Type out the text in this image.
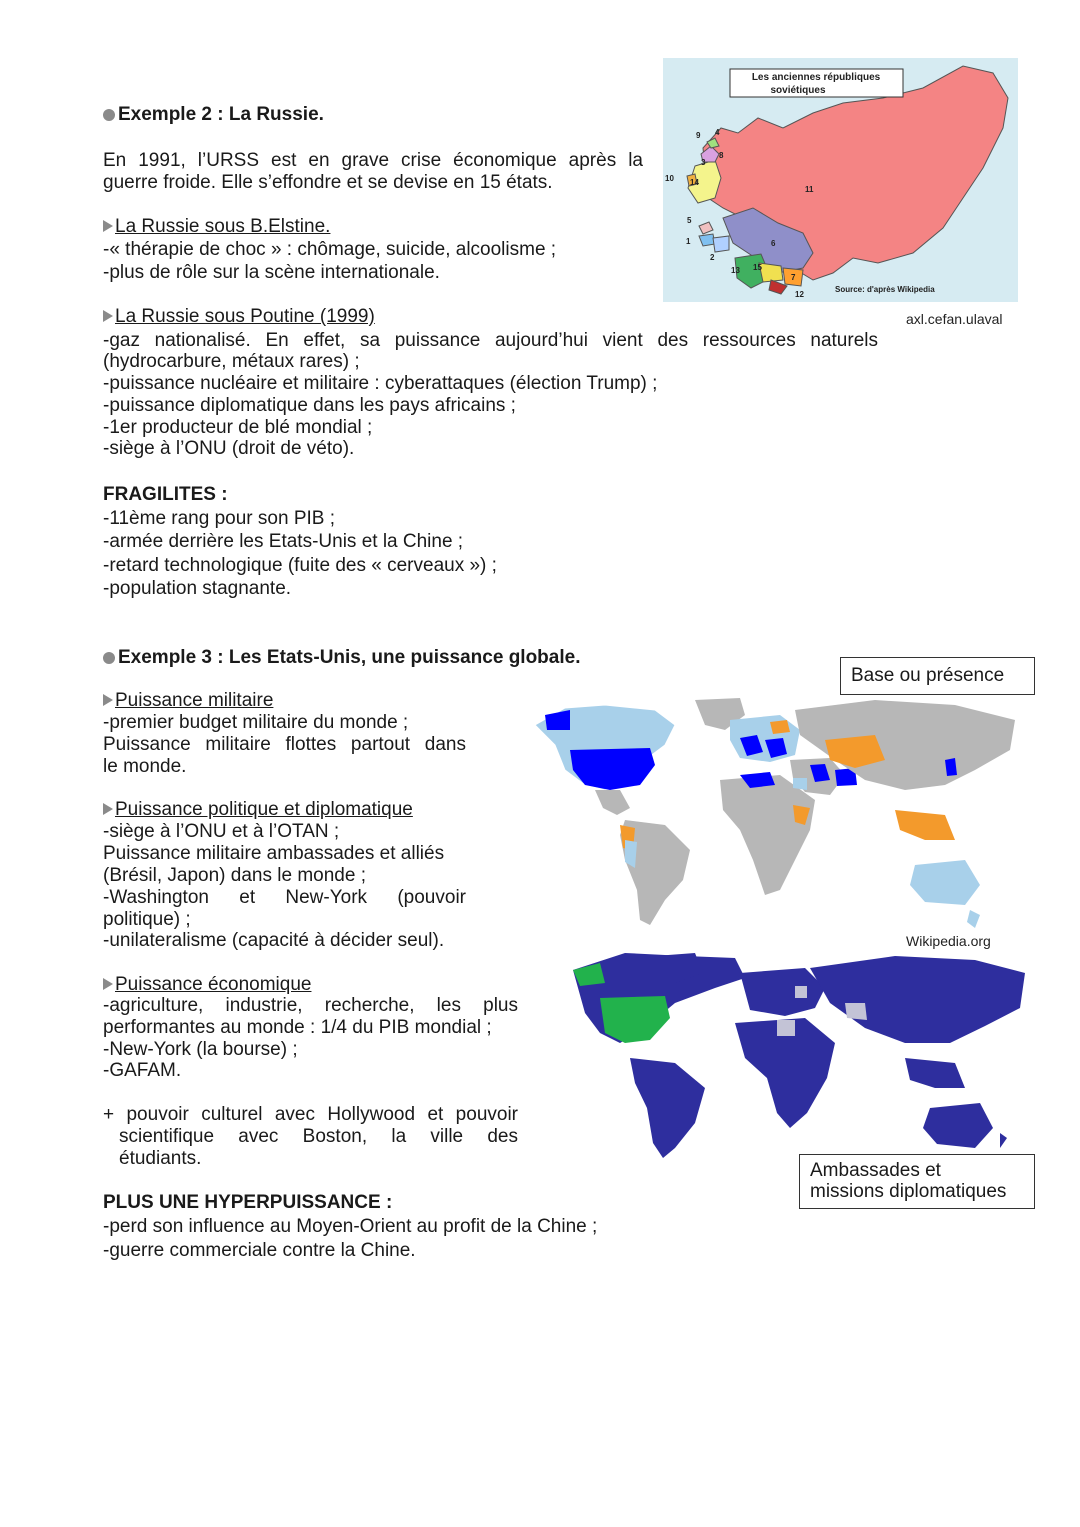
Exemple 2 : La Russie.
En 1991, l’URSS est en grave crise économique après la
guerre froide. Elle s’effondre et se devise en 15 états.
La Russie sous B.Elstine.
-« thérapie de choc » : chômage, suicide, alcoolisme ;
-plus de rôle sur la scène internationale.
La Russie sous Poutine (1999)
-gaz nationalisé. En effet, sa puissance aujourd’hui vient des ressources naturels
(hydrocarbure, métaux rares) ;
-puissance nucléaire et militaire : cyberattaques (élection Trump) ;
-puissance diplomatique dans les pays africains ;
-1er producteur de blé mondial ;
-siège à l’ONU (droit de véto).
FRAGILITES :
-11ème rang pour son PIB ;
-armée derrière les Etats-Unis et la Chine ;
-retard technologique (fuite des « cerveaux ») ;
-population stagnante.
Les anciennes républiques
soviétiques
Source: d'après Wikipedia
1
2
3
4
5
6
7
8
9
10
11
12
13
14
15
axl.cefan.ulaval
Exemple 3 : Les Etats-Unis, une puissance globale.
Puissance militaire
-premier budget militaire du monde ;
Puissance militaire flottes partout dans
le monde.
Puissance politique et diplomatique
-siège à l’ONU et à l’OTAN ;
Puissance militaire ambassades et alliés
(Brésil, Japon) dans le monde ;
-Washington et New-York (pouvoir
politique) ;
-unilateralisme (capacité à décider seul).
Puissance économique
-agriculture, industrie, recherche, les plus
performantes au monde : 1/4 du PIB mondial ;
-New-York (la bourse) ;
-GAFAM.
+ pouvoir culturel avec Hollywood et pouvoir
scientifique avec Boston, la ville des
étudiants.
PLUS UNE HYPERPUISSANCE :
-perd son influence au Moyen-Orient au profit de la Chine ;
-guerre commerciale contre la Chine.
Base ou présence
Wikipedia.org
Ambassades et
missions diplomatiques
